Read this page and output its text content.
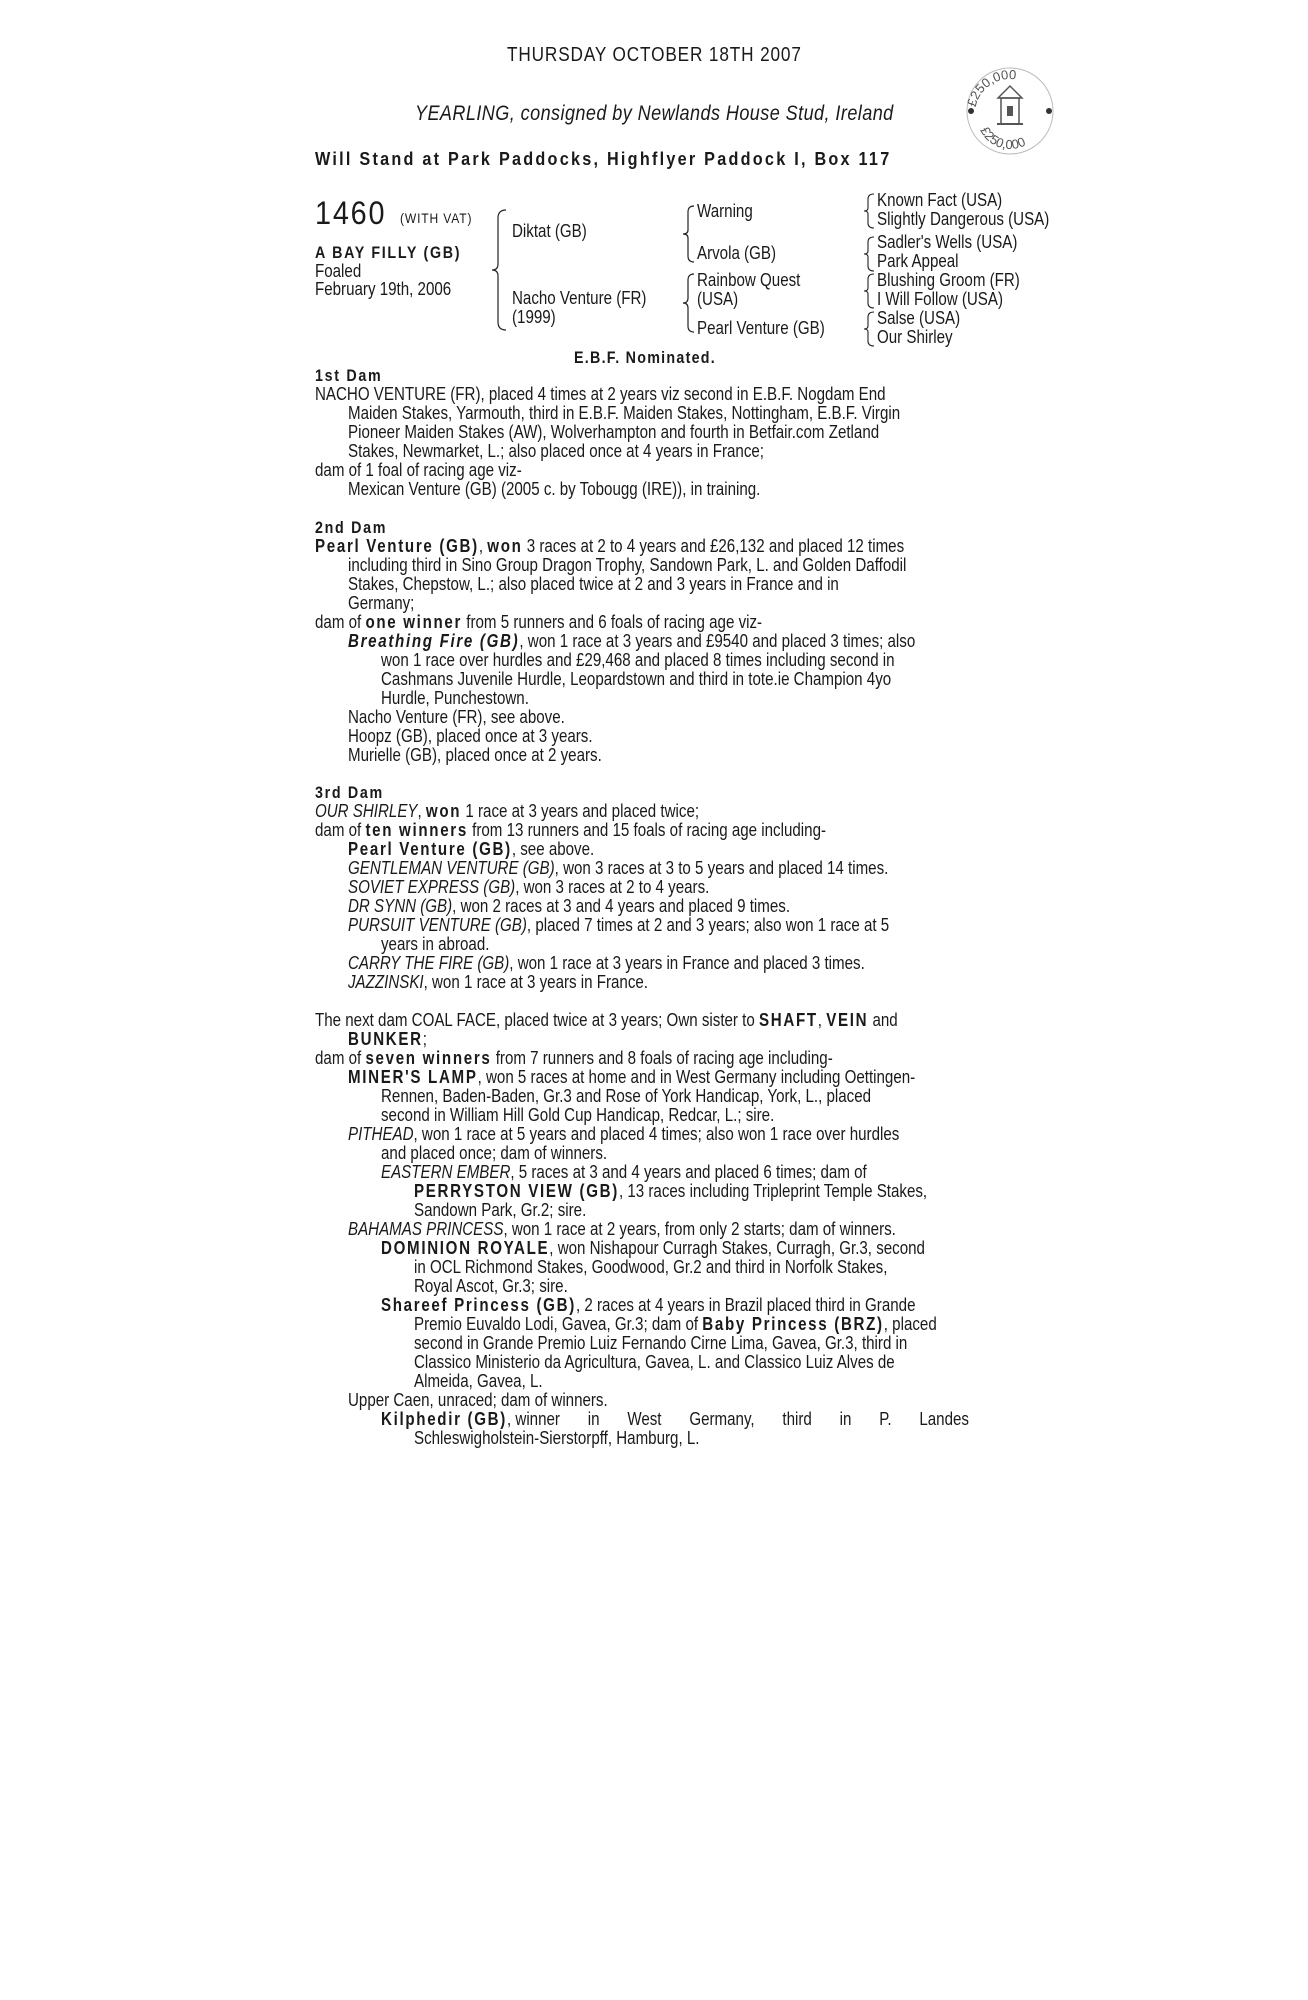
THURSDAY OCTOBER 18TH 2007
YEARLING, consigned by Newlands House Stud, Ireland
Will Stand at Park Paddocks, Highflyer Paddock I, Box 117
£250,000
£250,000
1460 (WITH VAT)
A BAY FILLY (GB)
Foaled
February 19th, 2006
Diktat (GB)
Nacho Venture (FR)
(1999)
Warning
Arvola (GB)
Rainbow Quest
(USA)
Pearl Venture (GB)
Known Fact (USA)
Slightly Dangerous (USA)
Sadler's Wells (USA)
Park Appeal
Blushing Groom (FR)
I Will Follow (USA)
Salse (USA)
Our Shirley
E.B.F. Nominated.
1st Dam
NACHO VENTURE (FR), placed 4 times at 2 years viz second in E.B.F. Nogdam End
Maiden Stakes, Yarmouth, third in E.B.F. Maiden Stakes, Nottingham, E.B.F. Virgin
Pioneer Maiden Stakes (AW), Wolverhampton and fourth in Betfair.com Zetland
Stakes, Newmarket, L.; also placed once at 4 years in France;
dam of 1 foal of racing age viz-
Mexican Venture (GB) (2005 c. by Tobougg (IRE)), in training.
2nd Dam
Pearl Venture (GB), won 3 races at 2 to 4 years and £26,132 and placed 12 times
including third in Sino Group Dragon Trophy, Sandown Park, L. and Golden Daffodil
Stakes, Chepstow, L.; also placed twice at 2 and 3 years in France and in
Germany;
dam of one winner from 5 runners and 6 foals of racing age viz-
Breathing Fire (GB), won 1 race at 3 years and £9540 and placed 3 times; also
won 1 race over hurdles and £29,468 and placed 8 times including second in
Cashmans Juvenile Hurdle, Leopardstown and third in tote.ie Champion 4yo
Hurdle, Punchestown.
Nacho Venture (FR), see above.
Hoopz (GB), placed once at 3 years.
Murielle (GB), placed once at 2 years.
3rd Dam
OUR SHIRLEY, won 1 race at 3 years and placed twice;
dam of ten winners from 13 runners and 15 foals of racing age including-
Pearl Venture (GB), see above.
GENTLEMAN VENTURE (GB), won 3 races at 3 to 5 years and placed 14 times.
SOVIET EXPRESS (GB), won 3 races at 2 to 4 years.
DR SYNN (GB), won 2 races at 3 and 4 years and placed 9 times.
PURSUIT VENTURE (GB), placed 7 times at 2 and 3 years; also won 1 race at 5
years in abroad.
CARRY THE FIRE (GB), won 1 race at 3 years in France and placed 3 times.
JAZZINSKI, won 1 race at 3 years in France.
The next dam COAL FACE, placed twice at 3 years; Own sister to SHAFT, VEIN and
BUNKER;
dam of seven winners from 7 runners and 8 foals of racing age including-
MINER'S LAMP, won 5 races at home and in West Germany including Oettingen-
Rennen, Baden-Baden, Gr.3 and Rose of York Handicap, York, L., placed
second in William Hill Gold Cup Handicap, Redcar, L.; sire.
PITHEAD, won 1 race at 5 years and placed 4 times; also won 1 race over hurdles
and placed once; dam of winners.
EASTERN EMBER, 5 races at 3 and 4 years and placed 6 times; dam of
PERRYSTON VIEW (GB), 13 races including Tripleprint Temple Stakes,
Sandown Park, Gr.2; sire.
BAHAMAS PRINCESS, won 1 race at 2 years, from only 2 starts; dam of winners.
DOMINION ROYALE, won Nishapour Curragh Stakes, Curragh, Gr.3, second
in OCL Richmond Stakes, Goodwood, Gr.2 and third in Norfolk Stakes,
Royal Ascot, Gr.3; sire.
Shareef Princess (GB), 2 races at 4 years in Brazil placed third in Grande
Premio Euvaldo Lodi, Gavea, Gr.3; dam of Baby Princess (BRZ), placed
second in Grande Premio Luiz Fernando Cirne Lima, Gavea, Gr.3, third in
Classico Ministerio da Agricultura, Gavea, L. and Classico Luiz Alves de
Almeida, Gavea, L.
Upper Caen, unraced; dam of winners.
Kilphedir (GB), winner in West Germany, third in P. Landes
Schleswigholstein-Sierstorpff, Hamburg, L.
